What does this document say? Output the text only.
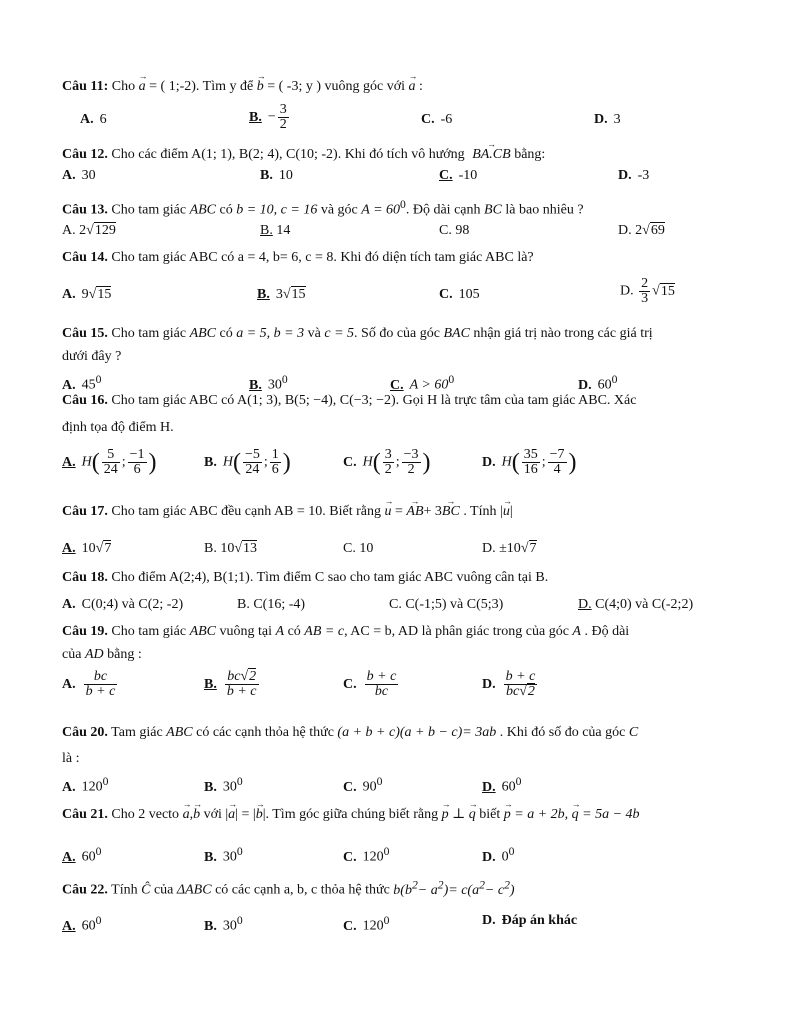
Câu 11: Cho → a = ( 1;-2). Tìm y để → b = ( -3; y ) vuông góc với → a :
A. 6	B. − $\frac{3}{2}$	C. -6	D. 3
Câu 12. Cho các điểm A(1; 1), B(2; 4), C(10; -2). Khi đó tích vô hướng → BA.CB bằng:
A. 30	B. 10	C. -10	D. -3
Câu 13. Cho tam giác ABC có b = 10, c = 16 và góc $A = 60^0$. Độ dài cạnh BC là bao nhiêu ?
A. 2√129	B. 14	C. 98	D. 2√69
Câu 14. Cho tam giác ABC có a = 4, b= 6, c = 8. Khi đó diện tích tam giác ABC là?
A. 9√15	B. 3√15	C. 105	D. $\frac{2}{3} √15$
Câu 15. Cho tam giác ABC có a = 5, b = 3 và c = 5. Số đo của góc BAC nhận giá trị nào trong các giá trị
dưới đây ?
A. $45^0$	B. $30^0$	C. $A > 60^0$	D. $60^0$
Câu 16. Cho tam giác ABC có A(1; 3), B(5; −4), C(−3; −2). Gọi H là trực tâm của tam giác ABC. Xác
định tọa độ điểm H.
A. $H( \frac{5}{24}$ ; $\frac{-1}{6}$ )	B. $H( \frac{-5}{24}$ ; $\frac{1}{6}$ )	C. $H( \frac{3}{2}$ ; $\frac{-3}{2}$ )	D. $H( \frac{35}{16}$ ; $\frac{-7}{4}$ )
Câu 17. Cho tam giác ABC đều cạnh AB = 10. Biết rằng → u = → AB+ 3→ BC . Tính |→ u|
A. 10√7	B. 10√13	C. 10	D. ±10√7
Câu 18. Cho điểm A(2;4), B(1;1). Tìm điểm C sao cho tam giác ABC vuông cân tại B.
A. C(0;4) và C(2; -2)	B. C(16; -4)	C. C(-1;5) và C(5;3)	D. C(4;0) và C(-2;2)
Câu 19. Cho tam giác ABC vuông tại A có AB = c, AC = b, AD là phân giác trong của góc A . Độ dài
của AD bằng :
A. $\frac{bc}{b + c}$	B. $\frac{bc√2}{b + c}$	C. $\frac{b + c}{bc}$	D. $\frac{b + c}{bc√2}$
Câu 20. Tam giác ABC có các cạnh thỏa hệ thức (a + b + c)(a + b − c)= 3ab . Khi đó số đo của góc C
là :
A. $120^0$	B. $30^0$	C. $90^0$	D. $60^0$
Câu 21. Cho 2 vecto → a,→ b với |→ a| = |→ b|. Tìm góc giữa chúng biết rằng → p ⊥ → q biết → p = a + 2b, → q = 5a − 4b
A. $60^0$	B. $30^0$	C. $120^0$	D. $0^0$
Câu 22. Tính Ĉ của ΔABC có các cạnh a, b, c thỏa hệ thức $b(b^2- a^2)= c(a^2- c^2)$
A. $60^0$	B. $30^0$	C. $120^0$	D. Đáp án khác
